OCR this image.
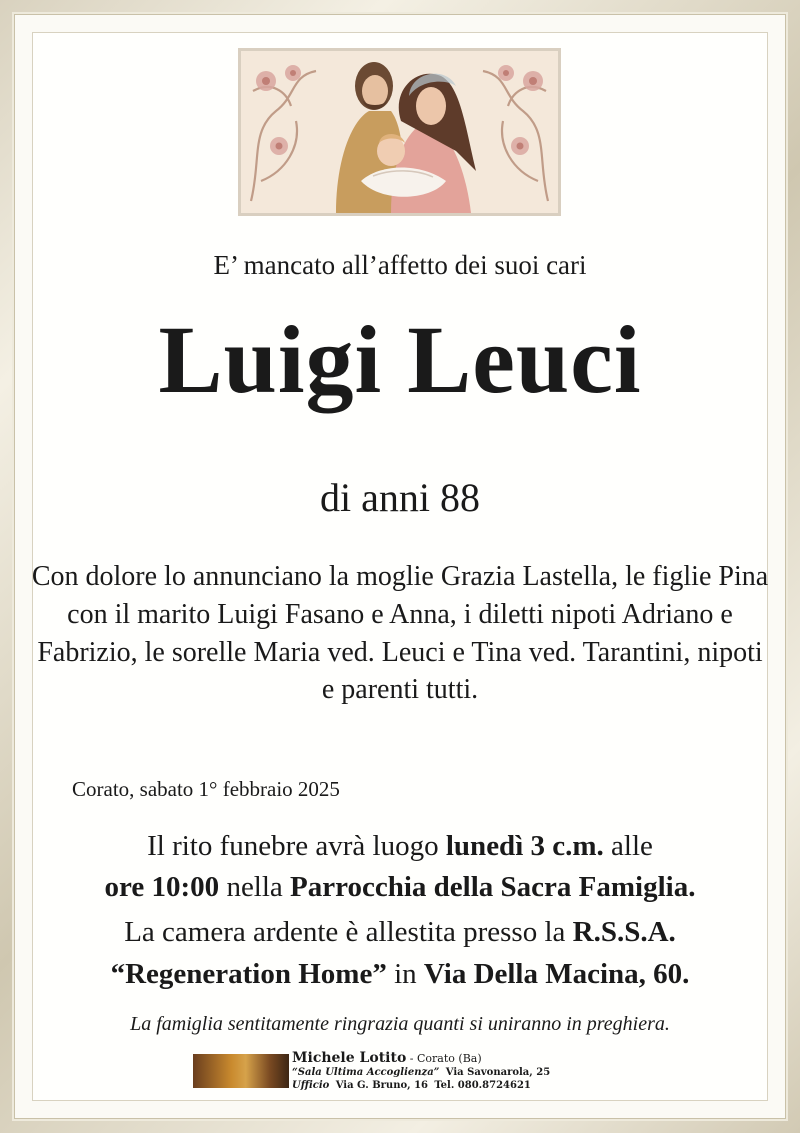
E’ mancato all’affetto dei suoi cari
Luigi Leuci
di anni 88
Con dolore lo annunciano la moglie Grazia Lastella, le figlie Pina con il marito Luigi Fasano e Anna, i diletti nipoti Adriano e Fabrizio, le sorelle Maria ved. Leuci e Tina ved. Tarantini, nipoti e parenti tutti.
Corato, sabato 1° febbraio 2025
Il rito funebre avrà luogo lunedì 3 c.m. alle
ore 10:00 nella Parrocchia della Sacra Famiglia.
La camera ardente è allestita presso la R.S.S.A.
“Regeneration Home” in Via Della Macina, 60.
La famiglia sentitamente ringrazia quanti si uniranno in preghiera.
Michele Lotito - Corato (Ba)
“Sala Ultima Accoglienza” Via Savonarola, 25
Ufficio Via G. Bruno, 16 Tel. 080.8724621
